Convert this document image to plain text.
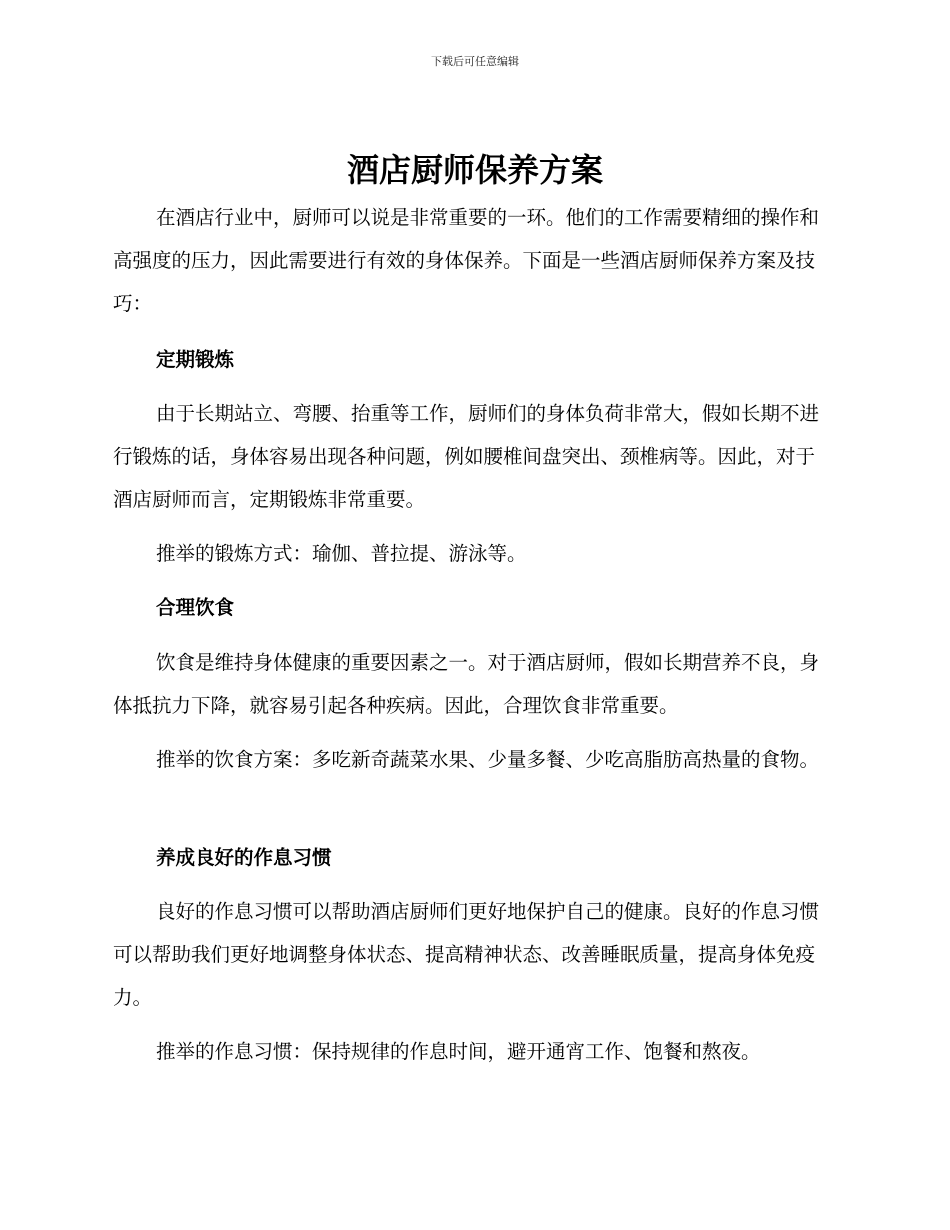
下载后可任意编辑
酒店厨师保养方案

在酒店行业中，厨师可以说是非常重要的一环。他们的工作需要精细的操作和高强度的压力，因此需要进行有效的身体保养。下面是一些酒店厨师保养方案及技巧：

定期锻炼

由于长期站立、弯腰、抬重等工作，厨师们的身体负荷非常大，假如长期不进行锻炼的话，身体容易出现各种问题，例如腰椎间盘突出、颈椎病等。因此，对于酒店厨师而言，定期锻炼非常重要。

推举的锻炼方式：瑜伽、普拉提、游泳等。

合理饮食

饮食是维持身体健康的重要因素之一。对于酒店厨师，假如长期营养不良，身体抵抗力下降，就容易引起各种疾病。因此，合理饮食非常重要。

推举的饮食方案：多吃新奇蔬菜水果、少量多餐、少吃高脂肪高热量的食物。

养成良好的作息习惯

良好的作息习惯可以帮助酒店厨师们更好地保护自己的健康。良好的作息习惯可以帮助我们更好地调整身体状态、提高精神状态、改善睡眠质量，提高身体免疫力。

推举的作息习惯：保持规律的作息时间，避开通宵工作、饱餐和熬夜。
